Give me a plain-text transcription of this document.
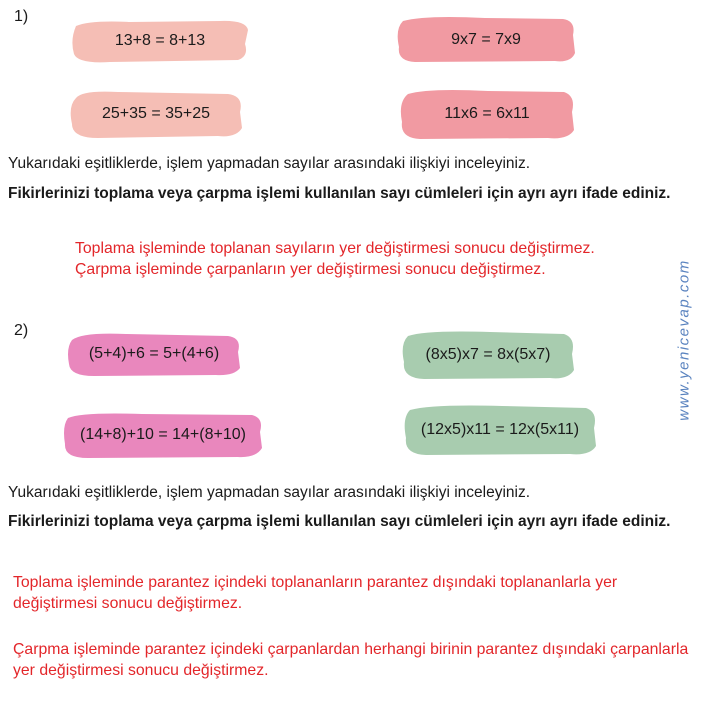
1)
13+8 = 8+13	9x7 = 7x9
25+35 = 35+25	11x6 = 6x11
Yukarıdaki eşitliklerde, işlem yapmadan sayılar arasındaki ilişkiyi inceleyiniz.
Fikirlerinizi toplama veya çarpma işlemi kullanılan sayı cümleleri için ayrı ayrı ifade ediniz.
Toplama işleminde toplanan sayıların yer değiştirmesi sonucu değiştirmez.
Çarpma işleminde çarpanların yer değiştirmesi sonucu değiştirmez.
2)
(5+4)+6 = 5+(4+6)	(8x5)x7 = 8x(5x7)
(14+8)+10 = 14+(8+10)	(12x5)x11 = 12x(5x11)
Yukarıdaki eşitliklerde, işlem yapmadan sayılar arasındaki ilişkiyi inceleyiniz.
Fikirlerinizi toplama veya çarpma işlemi kullanılan sayı cümleleri için ayrı ayrı ifade ediniz.
Toplama işleminde parantez içindeki toplananların parantez dışındaki toplananlarla yer değiştirmesi sonucu değiştirmez.
Çarpma işleminde parantez içindeki çarpanlardan herhangi birinin parantez dışındaki çarpanlarla yer değiştirmesi sonucu değiştirmez.
www.yenicevap.com
